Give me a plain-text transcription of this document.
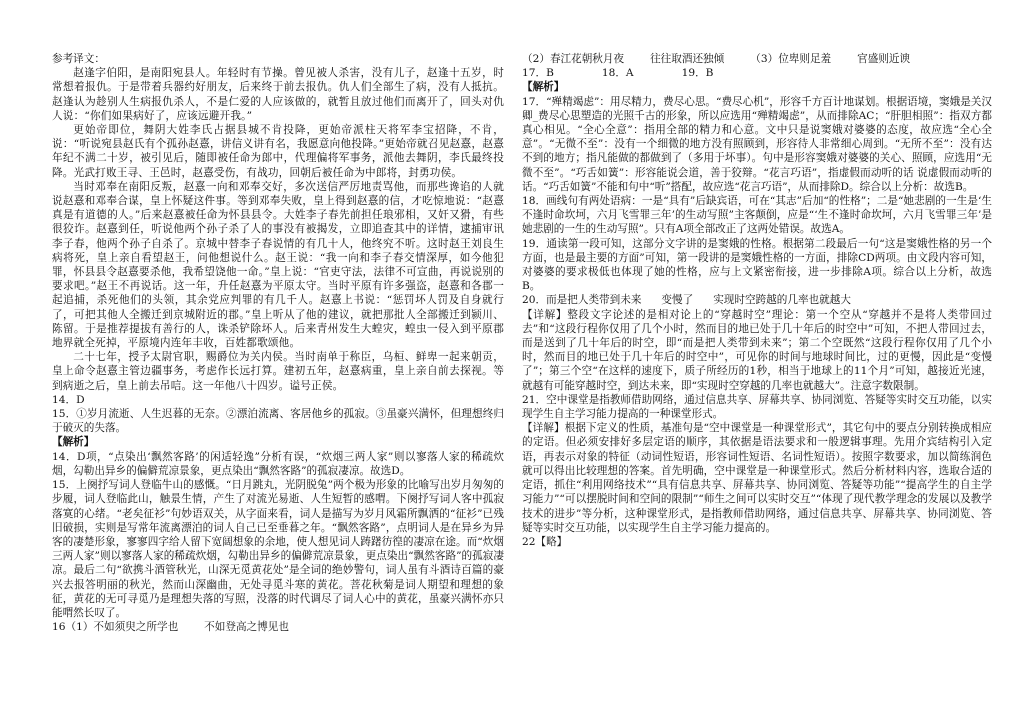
参考译文：

赵逢字伯阳，是南阳宛县人。年轻时有节操。曾见被人杀害，没有儿子，赵逢十五岁，时常想着报仇。于是带着兵器约好朋友，后来终于前去报仇。仇人们全部生了病，没有人抵抗。赵逢认为趁别人生病报仇杀人，不是仁爱的人应该做的，就暂且放过他们而离开了，回头对仇人说：“你们如果病好了，应该远避开我。”

更始帝即位，舞阴大姓李氏占据县城不肯投降，更始帝派柱天将军李宝招降，不肯，说：“听说宛县赵氏有个孤孙赵憙，讲信义讲有名，我愿意向他投降。”更始帝就召见赵憙，赵憙年纪不满二十岁，被引见后，随即被任命为郎中，代理偏将军事务，派他去舞阴，李氏最终投降。光武打败王寻、王邑时，赵憙受伤，有战功，回朝后被任命为中郎将，封勇功侯。

当时邓奉在南阳反叛，赵憙一向和邓奉交好，多次送信严厉地责骂他，而那些谗谄的人就说赵憙和邓奉合谋，皇上怀疑这件事。等到邓奉失败，皇上得到赵憙的信，才吃惊地说：“赵憙真是有道德的人。”后来赵憙被任命为怀县县令。大姓李子春先前担任琅邪相，又奸又猾，有些很狡诈。赵憙到任，听说他两个孙子杀了人的事没有被揭发，立即追查其中的详情，逮捕审讯李子春，他两个孙子自杀了。京城中替李子春说情的有几十人，他终究不听。这时赵王刘良生病将死，皇上亲自看望赵王，问他想说什么。赵王说：“我一向和李子春交情深厚，如今他犯罪，怀县县令赵憙要杀他，我希望饶他一命。”皇上说：“官吏守法，法律不可宣曲，再说说别的要求吧。”赵王不再说话。这一年，升任赵憙为平原太守。当时平原有许多强盗，赵憙和各郡一起追捕，杀死他们的头领，其余党应判罪的有几千人。赵憙上书说：“惩罚坏人罚及自身就行了，可把其他人全搬迁到京城附近的郡。”皇上听从了他的建议，就把那批人全部搬迁到颍川、陈留。于是推荐提拔有善行的人，诛杀铲除坏人。后来青州发生大蝗灾，蝗虫一侵入到平原郡地界就全死掉，平原境内连年丰收，百姓都歌颂他。

二十七年，授予太尉官职，赐爵位为关内侯。当时南单于称臣，乌桓、鲜卑一起来朝贡，皇上命令赵憙主管边疆事务，考虑作长远打算。建初五年，赵憙病重，皇上亲自前去探视。等到病逝之后，皇上前去吊唁。这一年他八十四岁。谥号正侯。

14．D

15．①岁月流逝、人生迟暮的无奈。②漂泊流离、客居他乡的孤寂。③虽豪兴满怀，但理想终归于破灭的失落。

【解析】

14．D项，“点染出‘飘然客路’的闲适轻逸”分析有误，“炊烟三两人家”则以寥落人家的稀疏炊烟，勾勒出异乡的偏僻荒凉景象，更点染出“飘然客路”的孤寂凄凉。故选D。

15．上阕抒写词人登临牛山的感慨。“日月跳丸，光阴脱兔”两个极为形象的比喻写出岁月匆匆的步履，词人登临此山，触景生情，产生了对流光易逝、人生短暂的感喟。下阕抒写词人客中孤寂落寞的心绪。“老矣征衫”句妙语双关，从字面来看，词人是描写为岁月风霜所飘洒的“征衫”已残旧破损，实则是写常年流离漂泊的词人自己已至垂暮之年。“飘然客路”，点明词人是在异乡为异客的凄楚形象，寥寥四字给人留下宽阔想象的余地，使人想见词人踌躇彷徨的凄凉在途。而“炊烟三两人家”则以寥落人家的稀疏炊烟，勾勒出异乡的偏僻荒凉景象，更点染出“飘然客路”的孤寂凄凉。最后二句“欲携斗酒管秋光，山深无觅黄花处”是全词的绝妙警句，词人虽有斗酒诗百篇的豪兴去报答明丽的秋光，然而山深幽曲，无处寻觅斗寒的黄花。菩花秋菊是词人期望和理想的象征，黄花的无可寻觅乃是理想失落的写照，没落的时代调尽了词人心中的黄花，虽豪兴满怀亦只能喟然长叹了。

16（1）不如须臾之所学也 不如登高之博见也

（2）春江花朝秋月夜 往往取酒还独倾 （3）位卑则足羞 官盛则近谀

17．B	18．A	19．B

【解析】

17．“殚精竭虑”：用尽精力，费尽心思。“费尽心机”，形容千方百计地谋划。根据语境，窦娥是关汉卿_费尽心思塑造的光照千古的形象，所以应选用“殚精竭虑”，从而排除AC；“肝胆相照”：指双方都真心相见。“全心全意”：指用全部的精力和心意。文中只是说窦娥对婆婆的态度，故应选“全心全意”。“无微不至”：没有一个细微的地方没有照顾到，形容待人非常细心周到。“无所不至”：没有达不到的地方；指凡能做的都做到了（多用于坏事）。句中是形容窦娥对婆婆的关心、照顾，应选用“无微不至”。“巧舌如簧”：形容能说会道，善于狡辩。“花言巧语”，指虚假而动听的话 说虚假而动听的话。“巧舌如簧”不能和句中“听”搭配，故应选“花言巧语”，从而排除D。综合以上分析：故选B。

18．画线句有两处语病：一是“具有”后缺宾语，可在“其志”后加“的性格”；二是“她悲剧的一生是‘生不逢时命坎坷，六月飞雪罪三年’的生动写照”主客颠倒，应是“‘生不逢时命坎坷，六月飞雪罪三年’是她悲剧的一生的生动写照”。只有A项全部改正了这两处错误。故选A。

19．通读第一段可知，这部分文字讲的是窦娥的性格。根据第二段最后一句“这是窦娥性格的另一个方面，也是最主要的方面”可知，第一段讲的是窦娥性格的一方面，排除CD两项。由文段内容可知，对婆婆的要求极低也体现了她的性格，应与上文紧密衔接，进一步排除A项。综合以上分析，故选B。

20．而是把人类带到未来 变慢了 实现时空跨越的几率也就越大

【详解】整段文字论述的是相对论上的“穿越时空”理论：第一个空从“穿越并不是将人类带回过去”和“这段行程你仅用了几个小时，然而目的地已处于几十年后的时空中”可知，不把人带回过去，而是送到了几十年后的时空，即“而是把人类带到未来”；第二个空既然“这段行程你仅用了几个小时，然而目的地已处于几十年后的时空中”，可见你的时间与地球时间比，过的更慢，因此是“变慢了”；第三个空“在这样的速度下，质子所经历的1秒，相当于地球上的11个月”可知，越接近光速，就越有可能穿越时空，到达未来，即“实现时空穿越的几率也就越大”。注意字数限制。

21．空中课堂是指教师借助网络，通过信息共享、屏幕共享、协同浏览、答疑等实时交互功能，以实现学生自主学习能力提高的一种课堂形式。

【详解】根据下定义的性质，基准句是“空中课堂是一种课堂形式”，其它句中的要点分别转换成相应的定语。但必须安排好多层定语的顺序，其依据是语法要求和一般逻辑事理。先用介宾结构引入定语，再表示对象的特征（动词性短语，形容词性短语、名词性短语）。按照字数要求，加以简练润色就可以得出比较理想的答案。首先明确，空中课堂是一种课堂形式。然后分析材料内容，选取合适的定语，抓住“利用网络技术”“具有信息共享、屏幕共享、协同浏览、答疑等功能”“提高学生的自主学习能力”“可以摆脱时间和空间的限制”“师生之间可以实时交互”“体现了现代教学理念的发展以及教学技术的进步”等分析，这种课堂形式，是指教师借助网络，通过信息共享、屏幕共享、协同浏览、答疑等实时交互功能，以实现学生自主学习能力提高的。

22【略】
